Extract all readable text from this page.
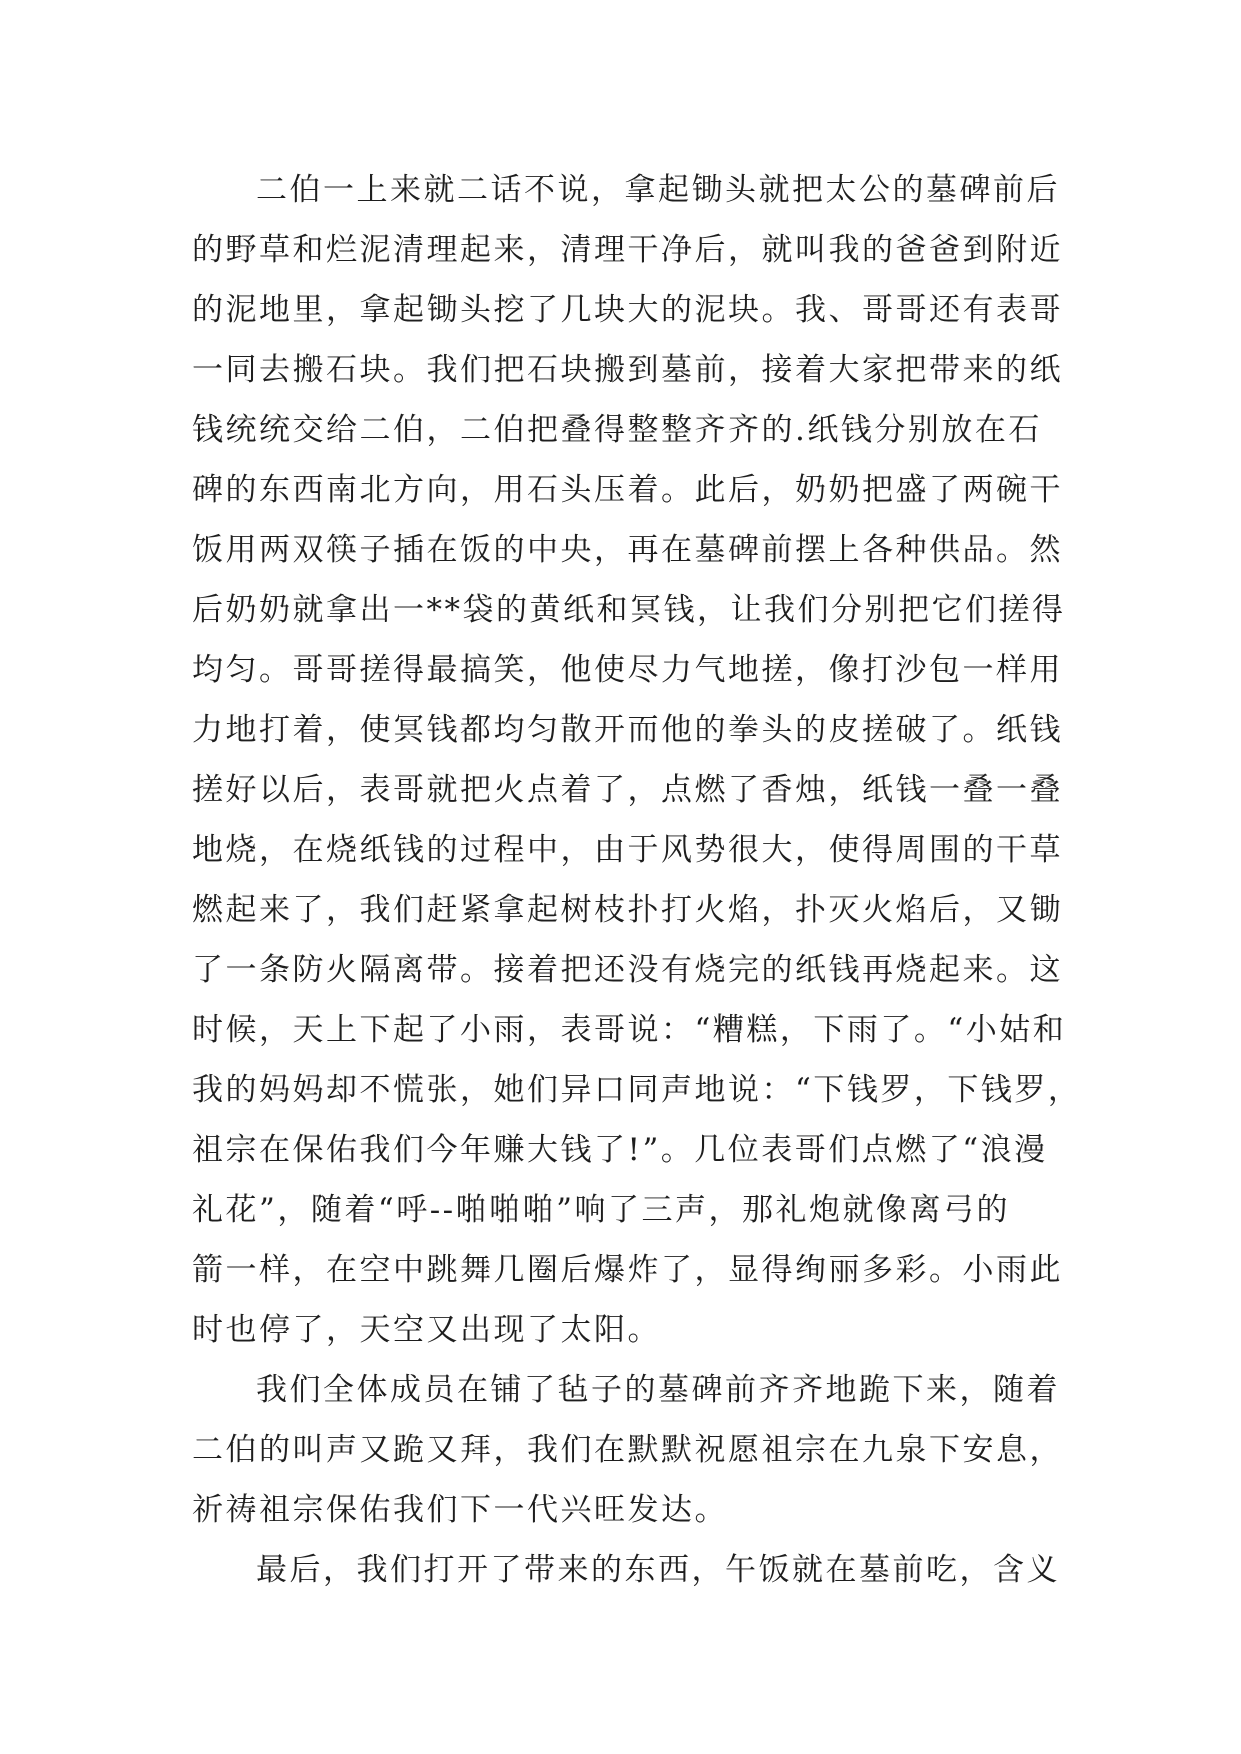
二伯一上来就二话不说，拿起锄头就把太公的墓碑前后
的野草和烂泥清理起来，清理干净后，就叫我的爸爸到附近
的泥地里，拿起锄头挖了几块大的泥块。我、哥哥还有表哥
一同去搬石块。我们把石块搬到墓前，接着大家把带来的纸
钱统统交给二伯，二伯把叠得整整齐齐的.纸钱分别放在石
碑的东西南北方向，用石头压着。此后，奶奶把盛了两碗干
饭用两双筷子插在饭的中央，再在墓碑前摆上各种供品。然
后奶奶就拿出一**袋的黄纸和冥钱，让我们分别把它们搓得
均匀。哥哥搓得最搞笑，他使尽力气地搓，像打沙包一样用
力地打着，使冥钱都均匀散开而他的拳头的皮搓破了。纸钱
搓好以后，表哥就把火点着了，点燃了香烛，纸钱一叠一叠
地烧，在烧纸钱的过程中，由于风势很大，使得周围的干草
燃起来了，我们赶紧拿起树枝扑打火焰，扑灭火焰后，又锄
了一条防火隔离带。接着把还没有烧完的纸钱再烧起来。这
时候，天上下起了小雨，表哥说：“糟糕，下雨了。“小姑和
我的妈妈却不慌张，她们异口同声地说：“下钱罗，下钱罗，
祖宗在保佑我们今年赚大钱了!”。几位表哥们点燃了“浪漫
礼花”，随着“呼--啪啪啪”响了三声，那礼炮就像离弓的
箭一样，在空中跳舞几圈后爆炸了，显得绚丽多彩。小雨此
时也停了，天空又出现了太阳。
我们全体成员在铺了毡子的墓碑前齐齐地跪下来，随着
二伯的叫声又跪又拜，我们在默默祝愿祖宗在九泉下安息，
祈祷祖宗保佑我们下一代兴旺发达。
最后，我们打开了带来的东西，午饭就在墓前吃，含义
